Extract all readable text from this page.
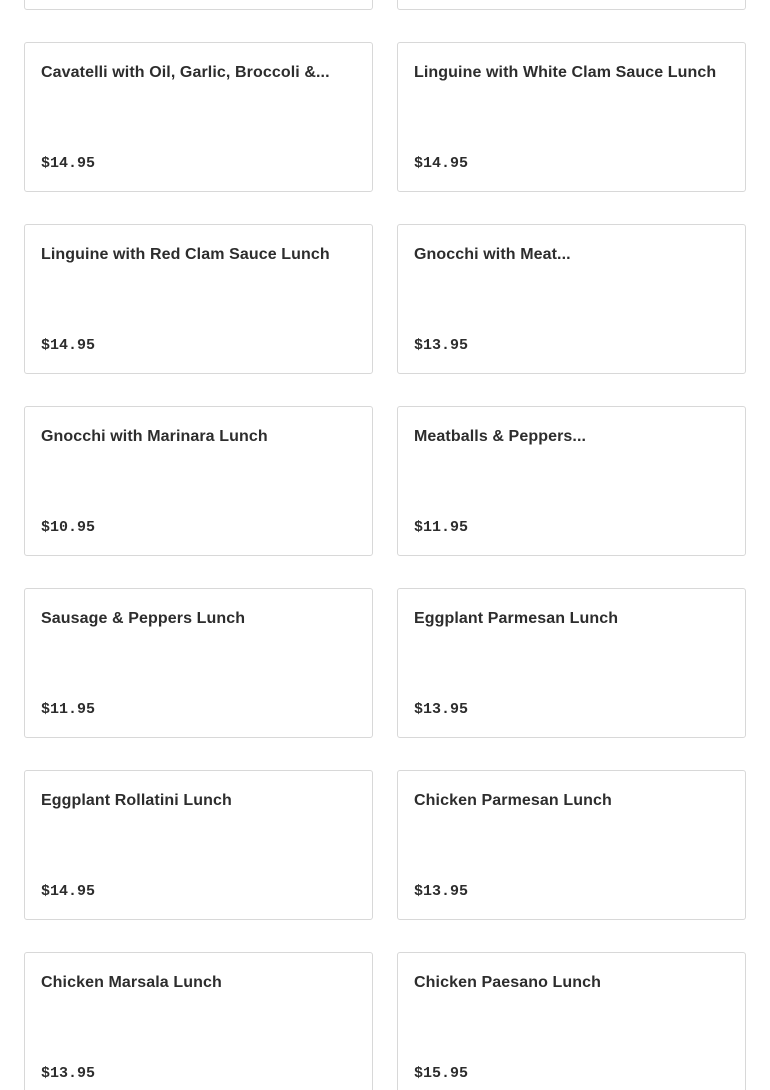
Cavatelli with Oil, Garlic, Broccoli &...
$14.95
Linguine with White Clam Sauce Lunch
$14.95
Linguine with Red Clam Sauce Lunch
$14.95
Gnocchi with Meat...
$13.95
Gnocchi with Marinara Lunch
$10.95
Meatballs & Peppers...
$11.95
Sausage & Peppers Lunch
$11.95
Eggplant Parmesan Lunch
$13.95
Eggplant Rollatini Lunch
$14.95
Chicken Parmesan Lunch
$13.95
Chicken Marsala Lunch
$13.95
Chicken Paesano Lunch
$15.95
